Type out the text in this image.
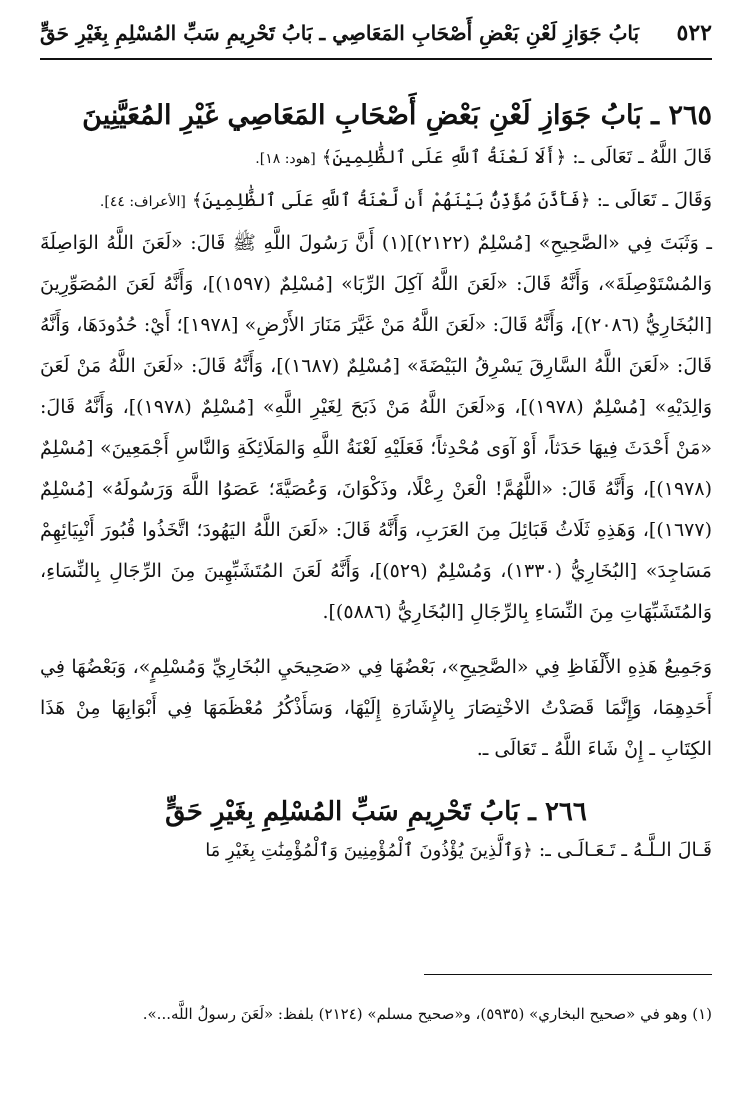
بَابُ جَوَازِ لَعْنِ بَعْضِ أَصْحَابِ المَعَاصِي ـ بَابُ تَحْرِيمِ سَبِّ المُسْلِمِ بِغَيْرِ حَقٍّ ٥٢٢
٢٦٥ ـ بَابُ جَوَازِ لَعْنِ بَعْضِ أَصْحَابِ المَعَاصِي غَيْرِ المُعَيَّنِينَ

قَالَ اللَّهُ ـ تَعَالَى ـ: ﴿أَلَا لَعْنَةُ ٱللَّهِ عَلَى ٱلظَّٰلِمِينَ﴾ [هود: ١٨].

وَقَالَ ـ تَعَالَى ـ: ﴿فَأَذَّنَ مُؤَذِّنٌۢ بَيْنَهُمْ أَن لَّعْنَةُ ٱللَّهِ عَلَى ٱلظَّٰلِمِينَ﴾ [الأعراف: ٤٤].

ـ وَثَبَتَ فِي «الصَّحِيحِ» [مُسْلِمٌ (٢١٢٢)](١) أَنَّ رَسُولَ اللَّهِ ﷺ قَالَ: «لَعَنَ اللَّهُ الوَاصِلَةَ وَالمُسْتَوْصِلَةَ»، وَأَنَّهُ قَالَ: «لَعَنَ اللَّهُ آكِلَ الرِّبَا» [مُسْلِمٌ (١٥٩٧)]، وَأَنَّهُ لَعَنَ المُصَوِّرِينَ [البُخَارِيُّ (٢٠٨٦)]، وَأَنَّهُ قَالَ: «لَعَنَ اللَّهُ مَنْ غَيَّرَ مَنَارَ الأَرْضِ» [١٩٧٨]؛ أَيْ: حُدُودَهَا، وَأَنَّهُ قَالَ: «لَعَنَ اللَّهُ السَّارِقَ يَسْرِقُ البَيْضَةَ» [مُسْلِمٌ (١٦٨٧)]، وَأَنَّهُ قَالَ: «لَعَنَ اللَّهُ مَنْ لَعَنَ وَالِدَيْهِ» [مُسْلِمٌ (١٩٧٨)]، وَ«لَعَنَ اللَّهُ مَنْ ذَبَحَ لِغَيْرِ اللَّهِ» [مُسْلِمٌ (١٩٧٨)]، وَأَنَّهُ قَالَ: «مَنْ أَحْدَثَ فِيهَا حَدَثاً، أَوْ آوَى مُحْدِثاً؛ فَعَلَيْهِ لَعْنَةُ اللَّهِ وَالمَلَائِكَةِ وَالنَّاسِ أَجْمَعِينَ» [مُسْلِمٌ (١٩٧٨)]، وَأَنَّهُ قَالَ: «اللَّهُمَّ! الْعَنْ رِعْلًا، وذَكْوَانَ، وَعُصَيَّةَ؛ عَصَوُا اللَّهَ وَرَسُولَهُ» [مُسْلِمٌ (١٦٧٧)]، وَهَذِهِ ثَلَاثُ قَبَائِلَ مِنَ العَرَبِ، وَأَنَّهُ قَالَ: «لَعَنَ اللَّهُ اليَهُودَ؛ اتَّخَذُوا قُبُورَ أَنْبِيَائِهِمْ مَسَاجِدَ» [البُخَارِيُّ (١٣٣٠)، وَمُسْلِمٌ (٥٢٩)]، وَأَنَّهُ لَعَنَ المُتَشَبِّهِينَ مِنَ الرِّجَالِ بِالنِّسَاءِ، وَالمُتَشَبِّهَاتِ مِنَ النِّسَاءِ بِالرِّجَالِ [البُخَارِيُّ (٥٨٨٦)].

وَجَمِيعُ هَذِهِ الأَلْفَاظِ فِي «الصَّحِيحِ»، بَعْضُهَا فِي «صَحِيحَيِ البُخَارِيِّ وَمُسْلِمٍ»، وَبَعْضُهَا فِي أَحَدِهِمَا، وَإِنَّمَا قَصَدْتُ الاخْتِصَارَ بِالإِشَارَةِ إِلَيْهَا، وَسَأَذْكُرُ مُعْظَمَهَا فِي أَبْوَابِهَا مِنْ هَذَا الكِتَابِ ـ إِنْ شَاءَ اللَّهُ ـ تَعَالَى ـ.

٢٦٦ ـ بَابُ تَحْرِيمِ سَبِّ المُسْلِمِ بِغَيْرِ حَقٍّ

قَـالَ الـلَّـهُ ـ تَـعَـالَـى ـ: ﴿وَٱلَّذِينَ يُؤْذُونَ ٱلْمُؤْمِنِينَ وَٱلْمُؤْمِنَٰتِ بِغَيْرِ مَا

(١) وهو في «صحيح البخاري» (٥٩٣٥)، و«صحيح مسلم» (٢١٢٤) بلفظ: «لَعَنَ رسولُ اللَّه...».
